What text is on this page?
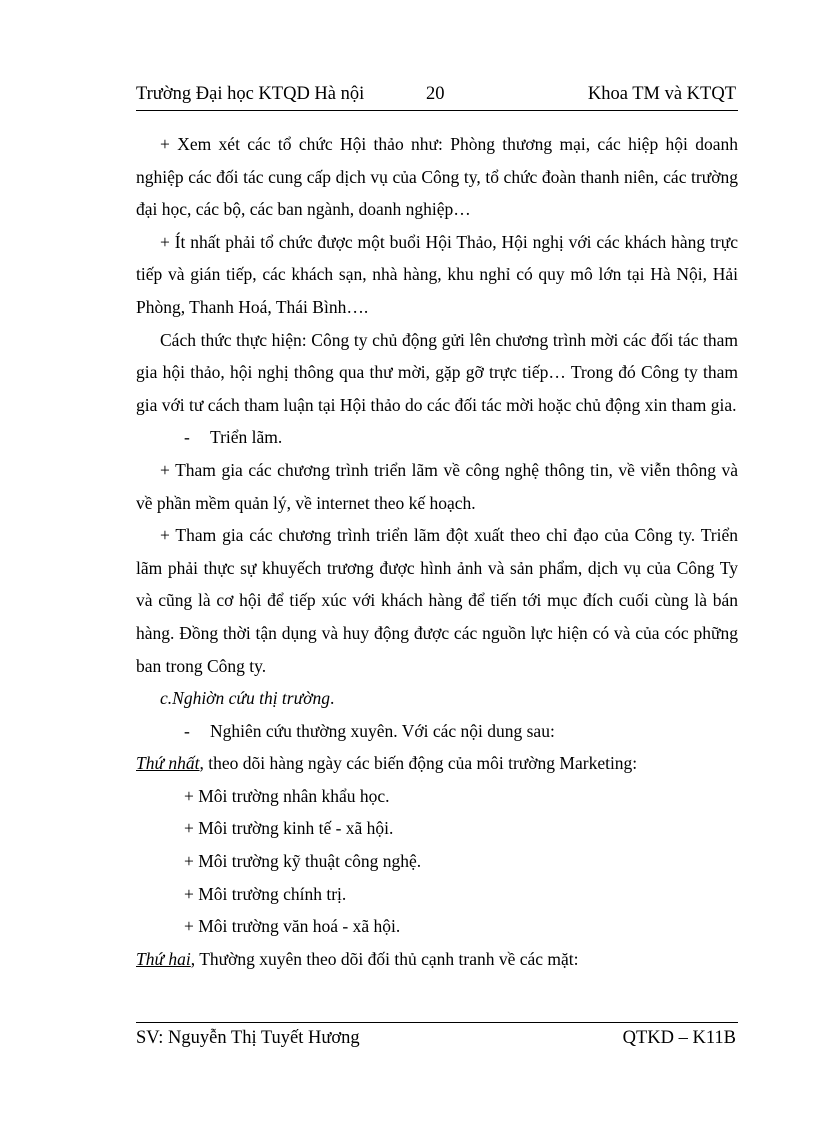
Trường Đại học KTQD Hà nội	20	Khoa TM và KTQT

+ Xem xét các tổ chức Hội thảo như: Phòng thương mại, các hiệp hội doanh nghiệp các đối tác cung cấp dịch vụ của Công ty, tổ chức đoàn thanh niên, các trường đại học, các bộ, các ban ngành, doanh nghiệp…

+ Ít nhất phải tổ chức được một buổi Hội Thảo, Hội nghị với các khách hàng trực tiếp và gián tiếp, các khách sạn, nhà hàng, khu nghỉ có quy mô lớn tại Hà Nội, Hải Phòng, Thanh Hoá, Thái Bình….

Cách thức thực hiện: Công ty chủ động gửi lên chương trình mời các đối tác tham gia hội thảo, hội nghị thông qua thư mời, gặp gỡ trực tiếp… Trong đó Công ty tham gia với tư cách tham luận tại Hội thảo do các đối tác mời hoặc chủ động xin tham gia.

- Triển lãm.

+ Tham gia các chương trình triển lãm về công nghệ thông tin, về viễn thông và về phần mềm quản lý, về internet theo kế hoạch.

+ Tham gia các chương trình triển lãm đột xuất theo chỉ đạo của Công ty. Triển lãm phải thực sự khuyếch trương được hình ảnh và sản phẩm, dịch vụ của Công Ty và cũng là cơ hội để tiếp xúc với khách hàng để tiến tới mục đích cuối cùng là bán hàng. Đồng thời tận dụng và huy động được các nguồn lực hiện có và của cóc phững ban trong Công ty.

c.Nghiờn cứu thị trường.

- Nghiên cứu thường xuyên. Với các nội dung sau:

Thứ nhất, theo dõi hàng ngày các biến động của môi trường Marketing:

+ Môi trường nhân khẩu học.

+ Môi trường kinh tế - xã hội.

+ Môi trường kỹ thuật công nghệ.

+ Môi trường chính trị.

+ Môi trường văn hoá - xã hội.

Thứ hai, Thường xuyên theo dõi đối thủ cạnh tranh về các mặt:

SV: Nguyễn Thị Tuyết Hương	QTKD – K11B
